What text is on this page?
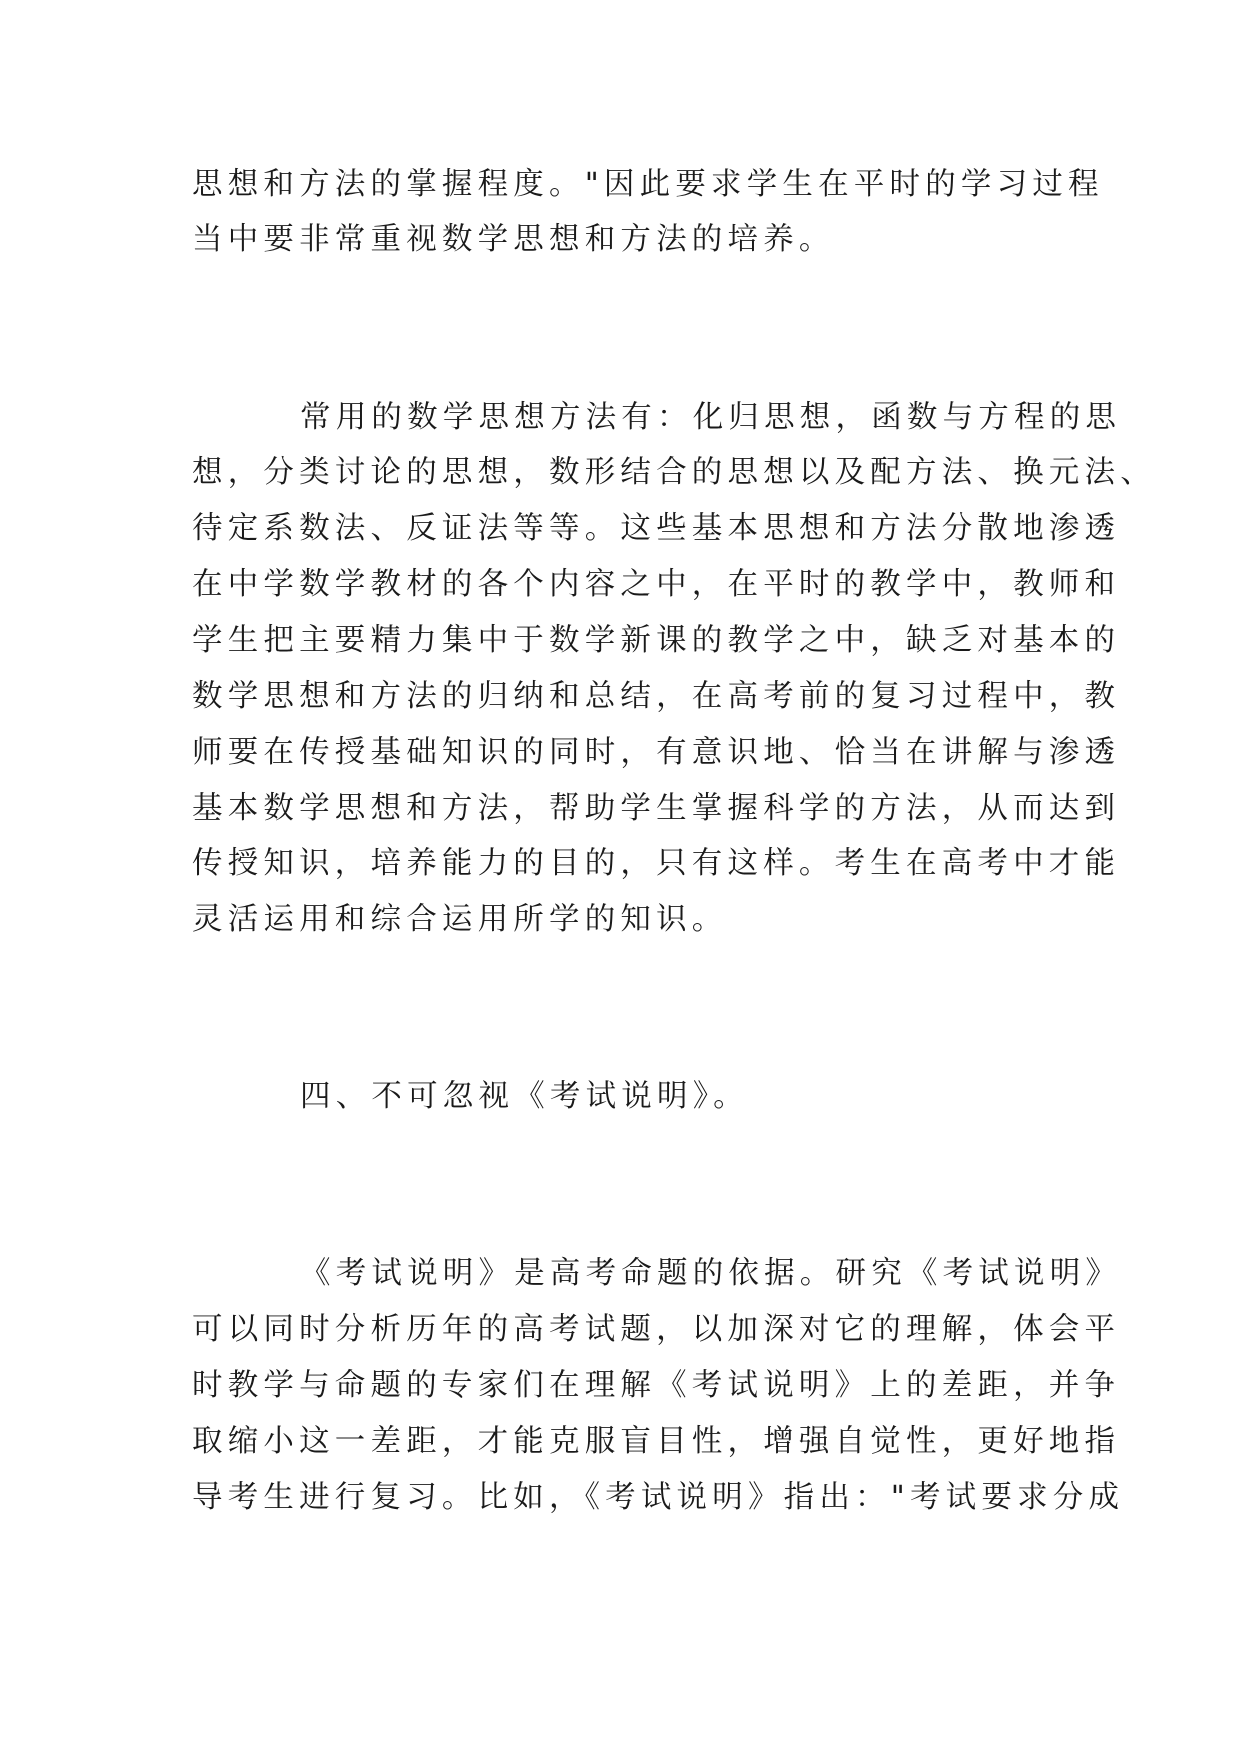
思想和方法的掌握程度。"因此要求学生在平时的学习过程
当中要非常重视数学思想和方法的培养。
常用的数学思想方法有：化归思想，函数与方程的思
想，分类讨论的思想，数形结合的思想以及配方法、换元法、
待定系数法、反证法等等。这些基本思想和方法分散地渗透
在中学数学教材的各个内容之中，在平时的教学中，教师和
学生把主要精力集中于数学新课的教学之中，缺乏对基本的
数学思想和方法的归纳和总结，在高考前的复习过程中，教
师要在传授基础知识的同时，有意识地、恰当在讲解与渗透
基本数学思想和方法，帮助学生掌握科学的方法，从而达到
传授知识，培养能力的目的，只有这样。考生在高考中才能
灵活运用和综合运用所学的知识。
四、不可忽视《考试说明》。
《考试说明》是高考命题的依据。研究《考试说明》
可以同时分析历年的高考试题，以加深对它的理解，体会平
时教学与命题的专家们在理解《考试说明》上的差距，并争
取缩小这一差距，才能克服盲目性，增强自觉性，更好地指
导考生进行复习。比如，《考试说明》指出："考试要求分成
